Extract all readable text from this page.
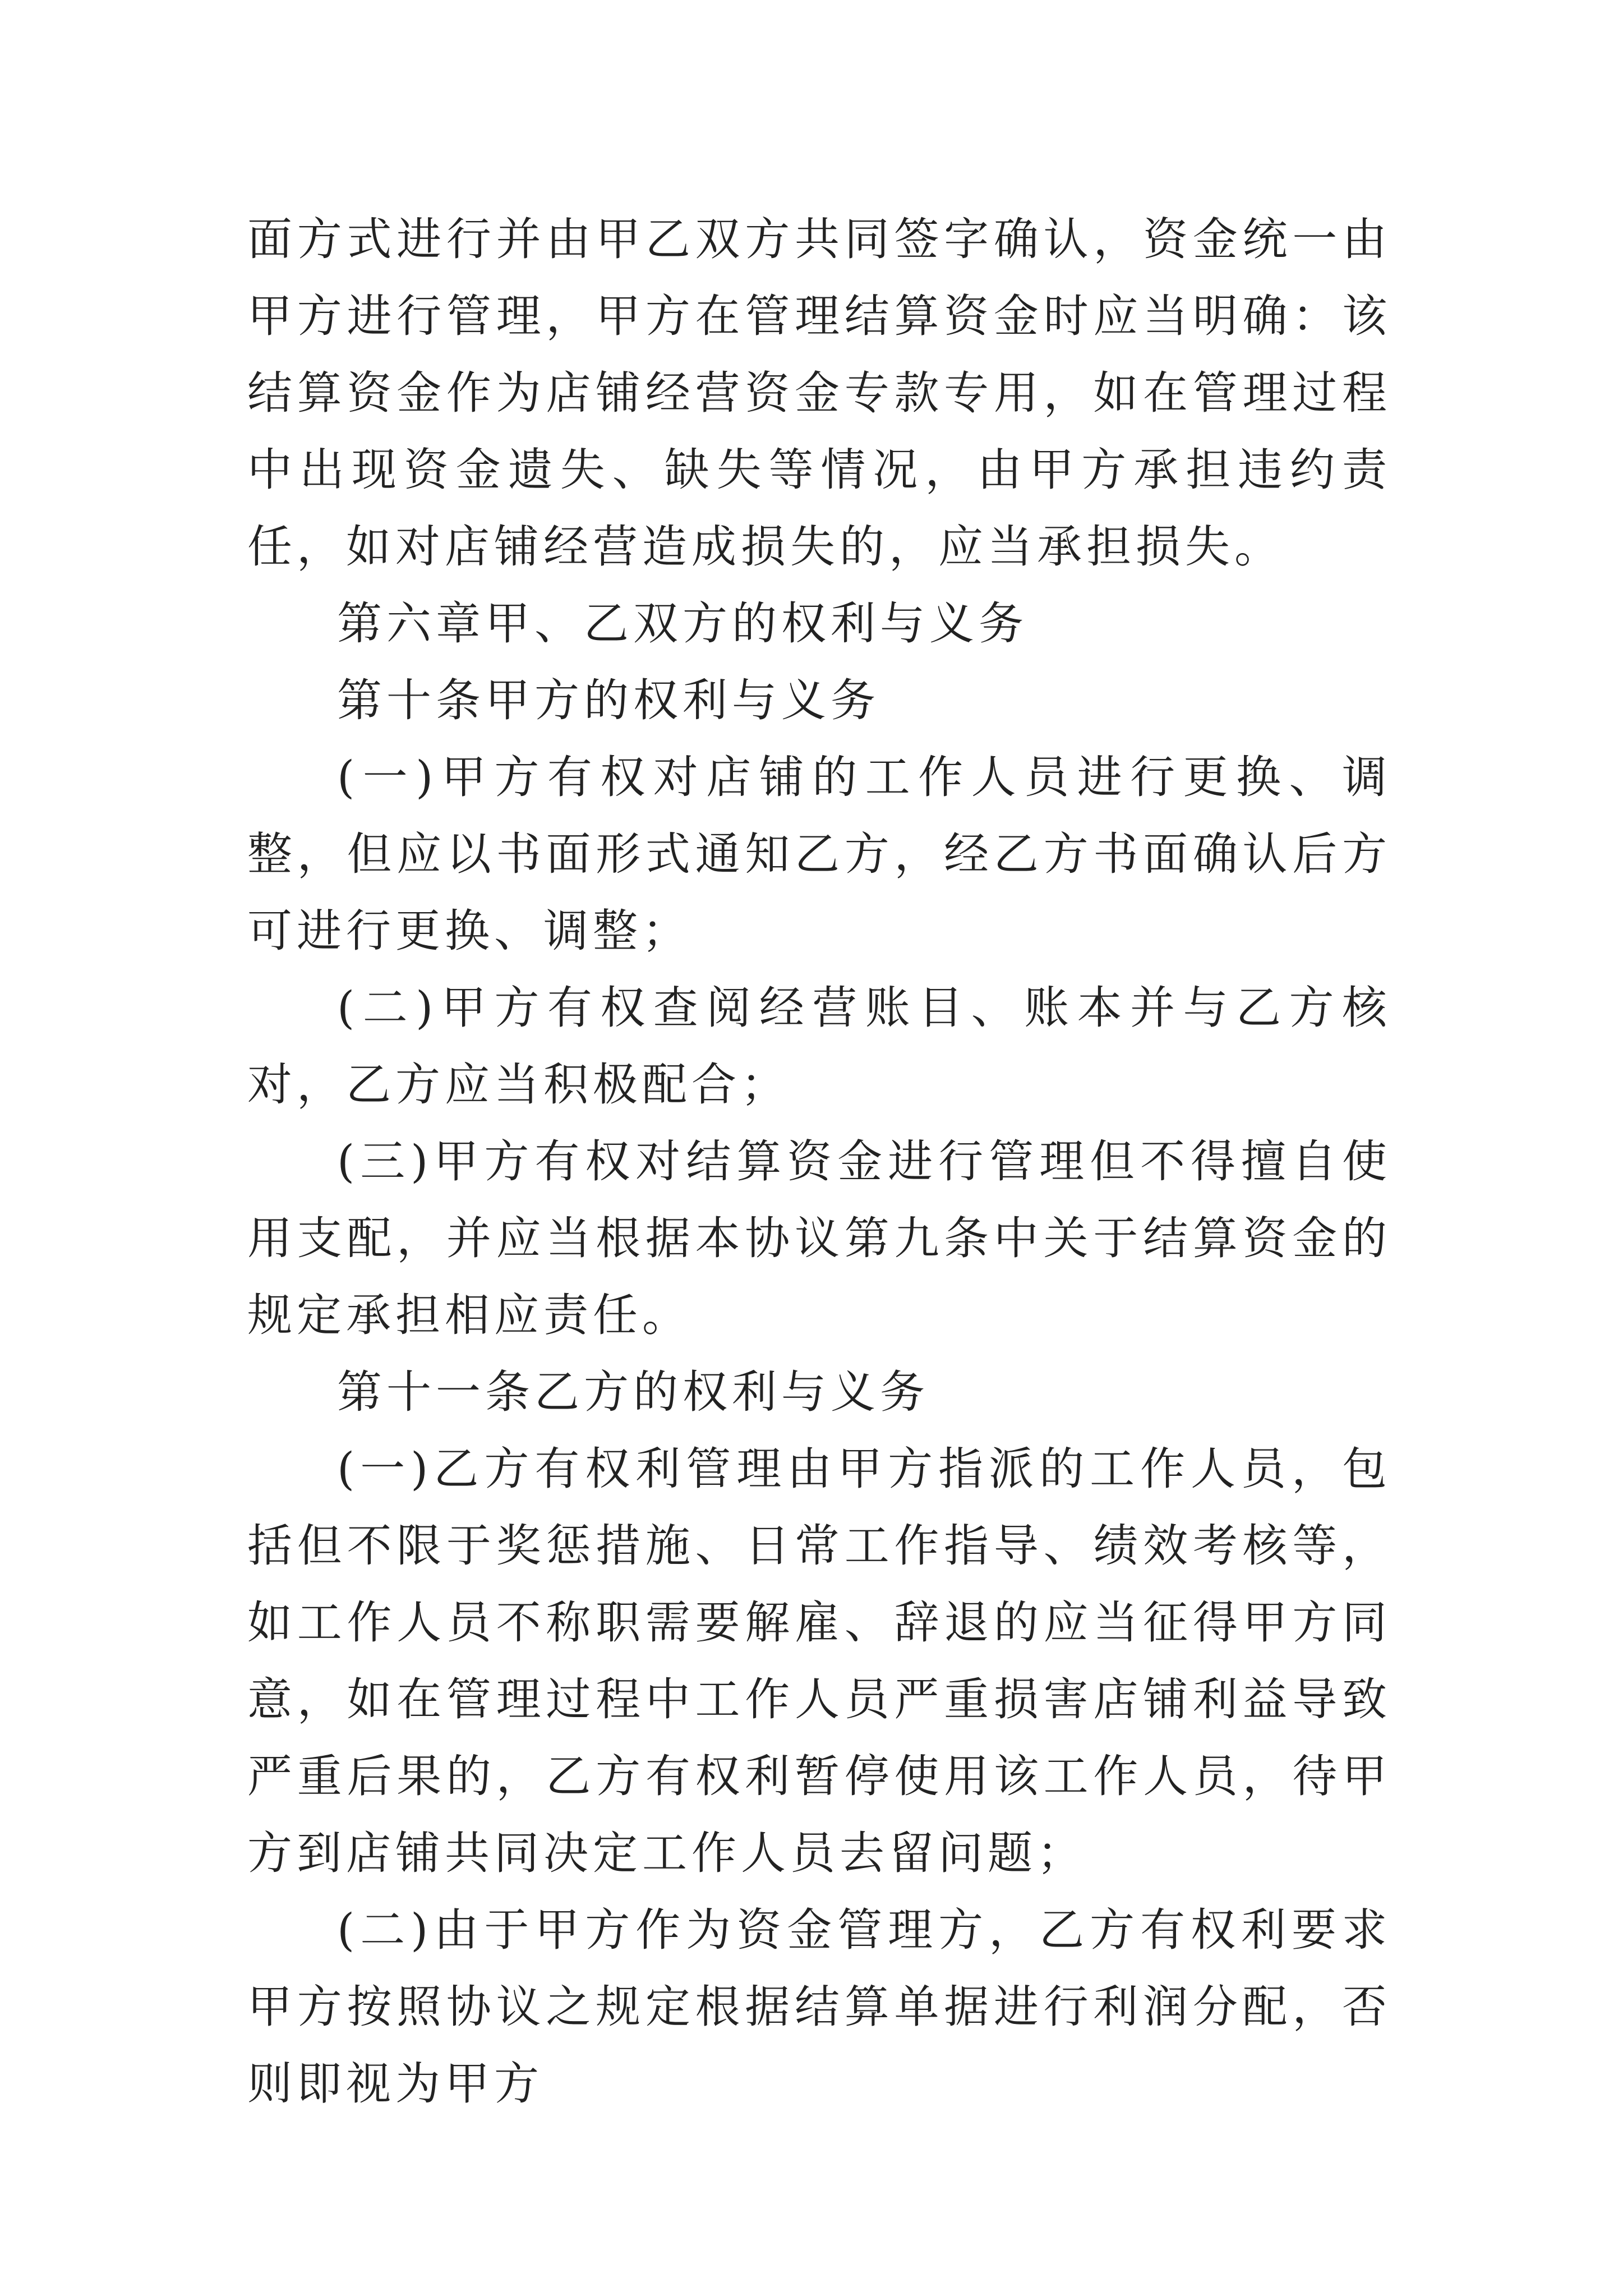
面方式进行并由甲乙双方共同签字确认，资金统一由甲方进行管理，甲方在管理结算资金时应当明确：该结算资金作为店铺经营资金专款专用，如在管理过程中出现资金遗失、缺失等情况，由甲方承担违约责任，如对店铺经营造成损失的，应当承担损失。

第六章甲、乙双方的权利与义务

第十条甲方的权利与义务

(一)甲方有权对店铺的工作人员进行更换、调整，但应以书面形式通知乙方，经乙方书面确认后方可进行更换、调整；

(二)甲方有权查阅经营账目、账本并与乙方核对，乙方应当积极配合；

(三)甲方有权对结算资金进行管理但不得擅自使用支配，并应当根据本协议第九条中关于结算资金的规定承担相应责任。

第十一条乙方的权利与义务

(一)乙方有权利管理由甲方指派的工作人员，包括但不限于奖惩措施、日常工作指导、绩效考核等，如工作人员不称职需要解雇、辞退的应当征得甲方同意，如在管理过程中工作人员严重损害店铺利益导致严重后果的，乙方有权利暂停使用该工作人员，待甲方到店铺共同决定工作人员去留问题；

(二)由于甲方作为资金管理方，乙方有权利要求甲方按照协议之规定根据结算单据进行利润分配，否则即视为甲方
